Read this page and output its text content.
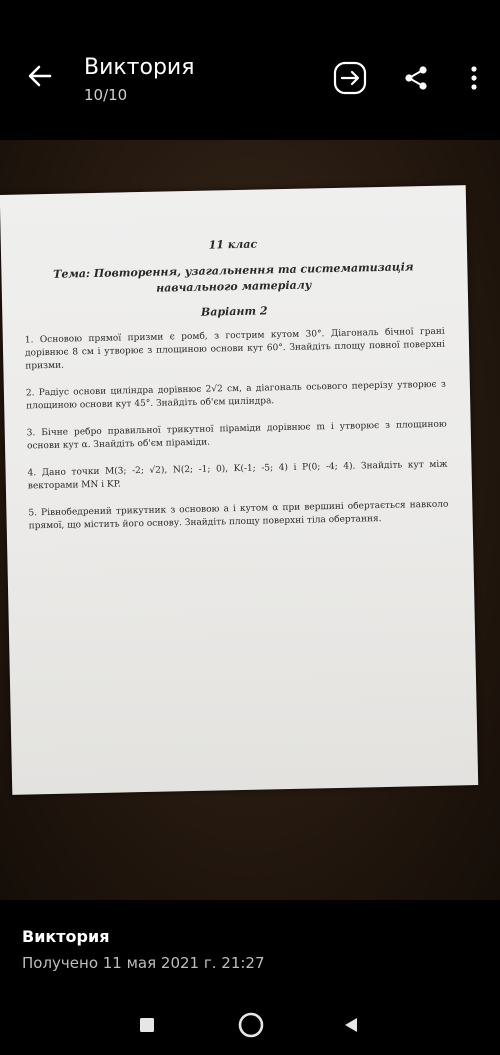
Виктория
10/10
11 клас
Тема: Повторення, узагальнення та систематизація навчального матеріалу
Варіант 2
1. Основою прямої призми є ромб, з гострим кутом 30°. Діагональ бічної грані дорівнює 8 см і утворює з площиною основи кут 60°. Знайдіть площу повної поверхні призми.
2. Радіус основи циліндра дорівнює 2√2 см, а діагональ осьового перерізу утворює з площиною основи кут 45°. Знайдіть об'єм циліндра.
3. Бічне ребро правильної трикутної піраміди дорівнює m і утворює з площиною основи кут α. Знайдіть об'єм піраміди.
4. Дано точки M(3; -2; √2), N(2; -1; 0), K(-1; -5; 4) і P(0; -4; 4). Знайдіть кут між векторами MN і KP.
5. Рівнобедрений трикутник з основою a і кутом α при вершині обертається навколо прямої, що містить його основу. Знайдіть площу поверхні тіла обертання.
Виктория
Получено 11 мая 2021 г. 21:27
